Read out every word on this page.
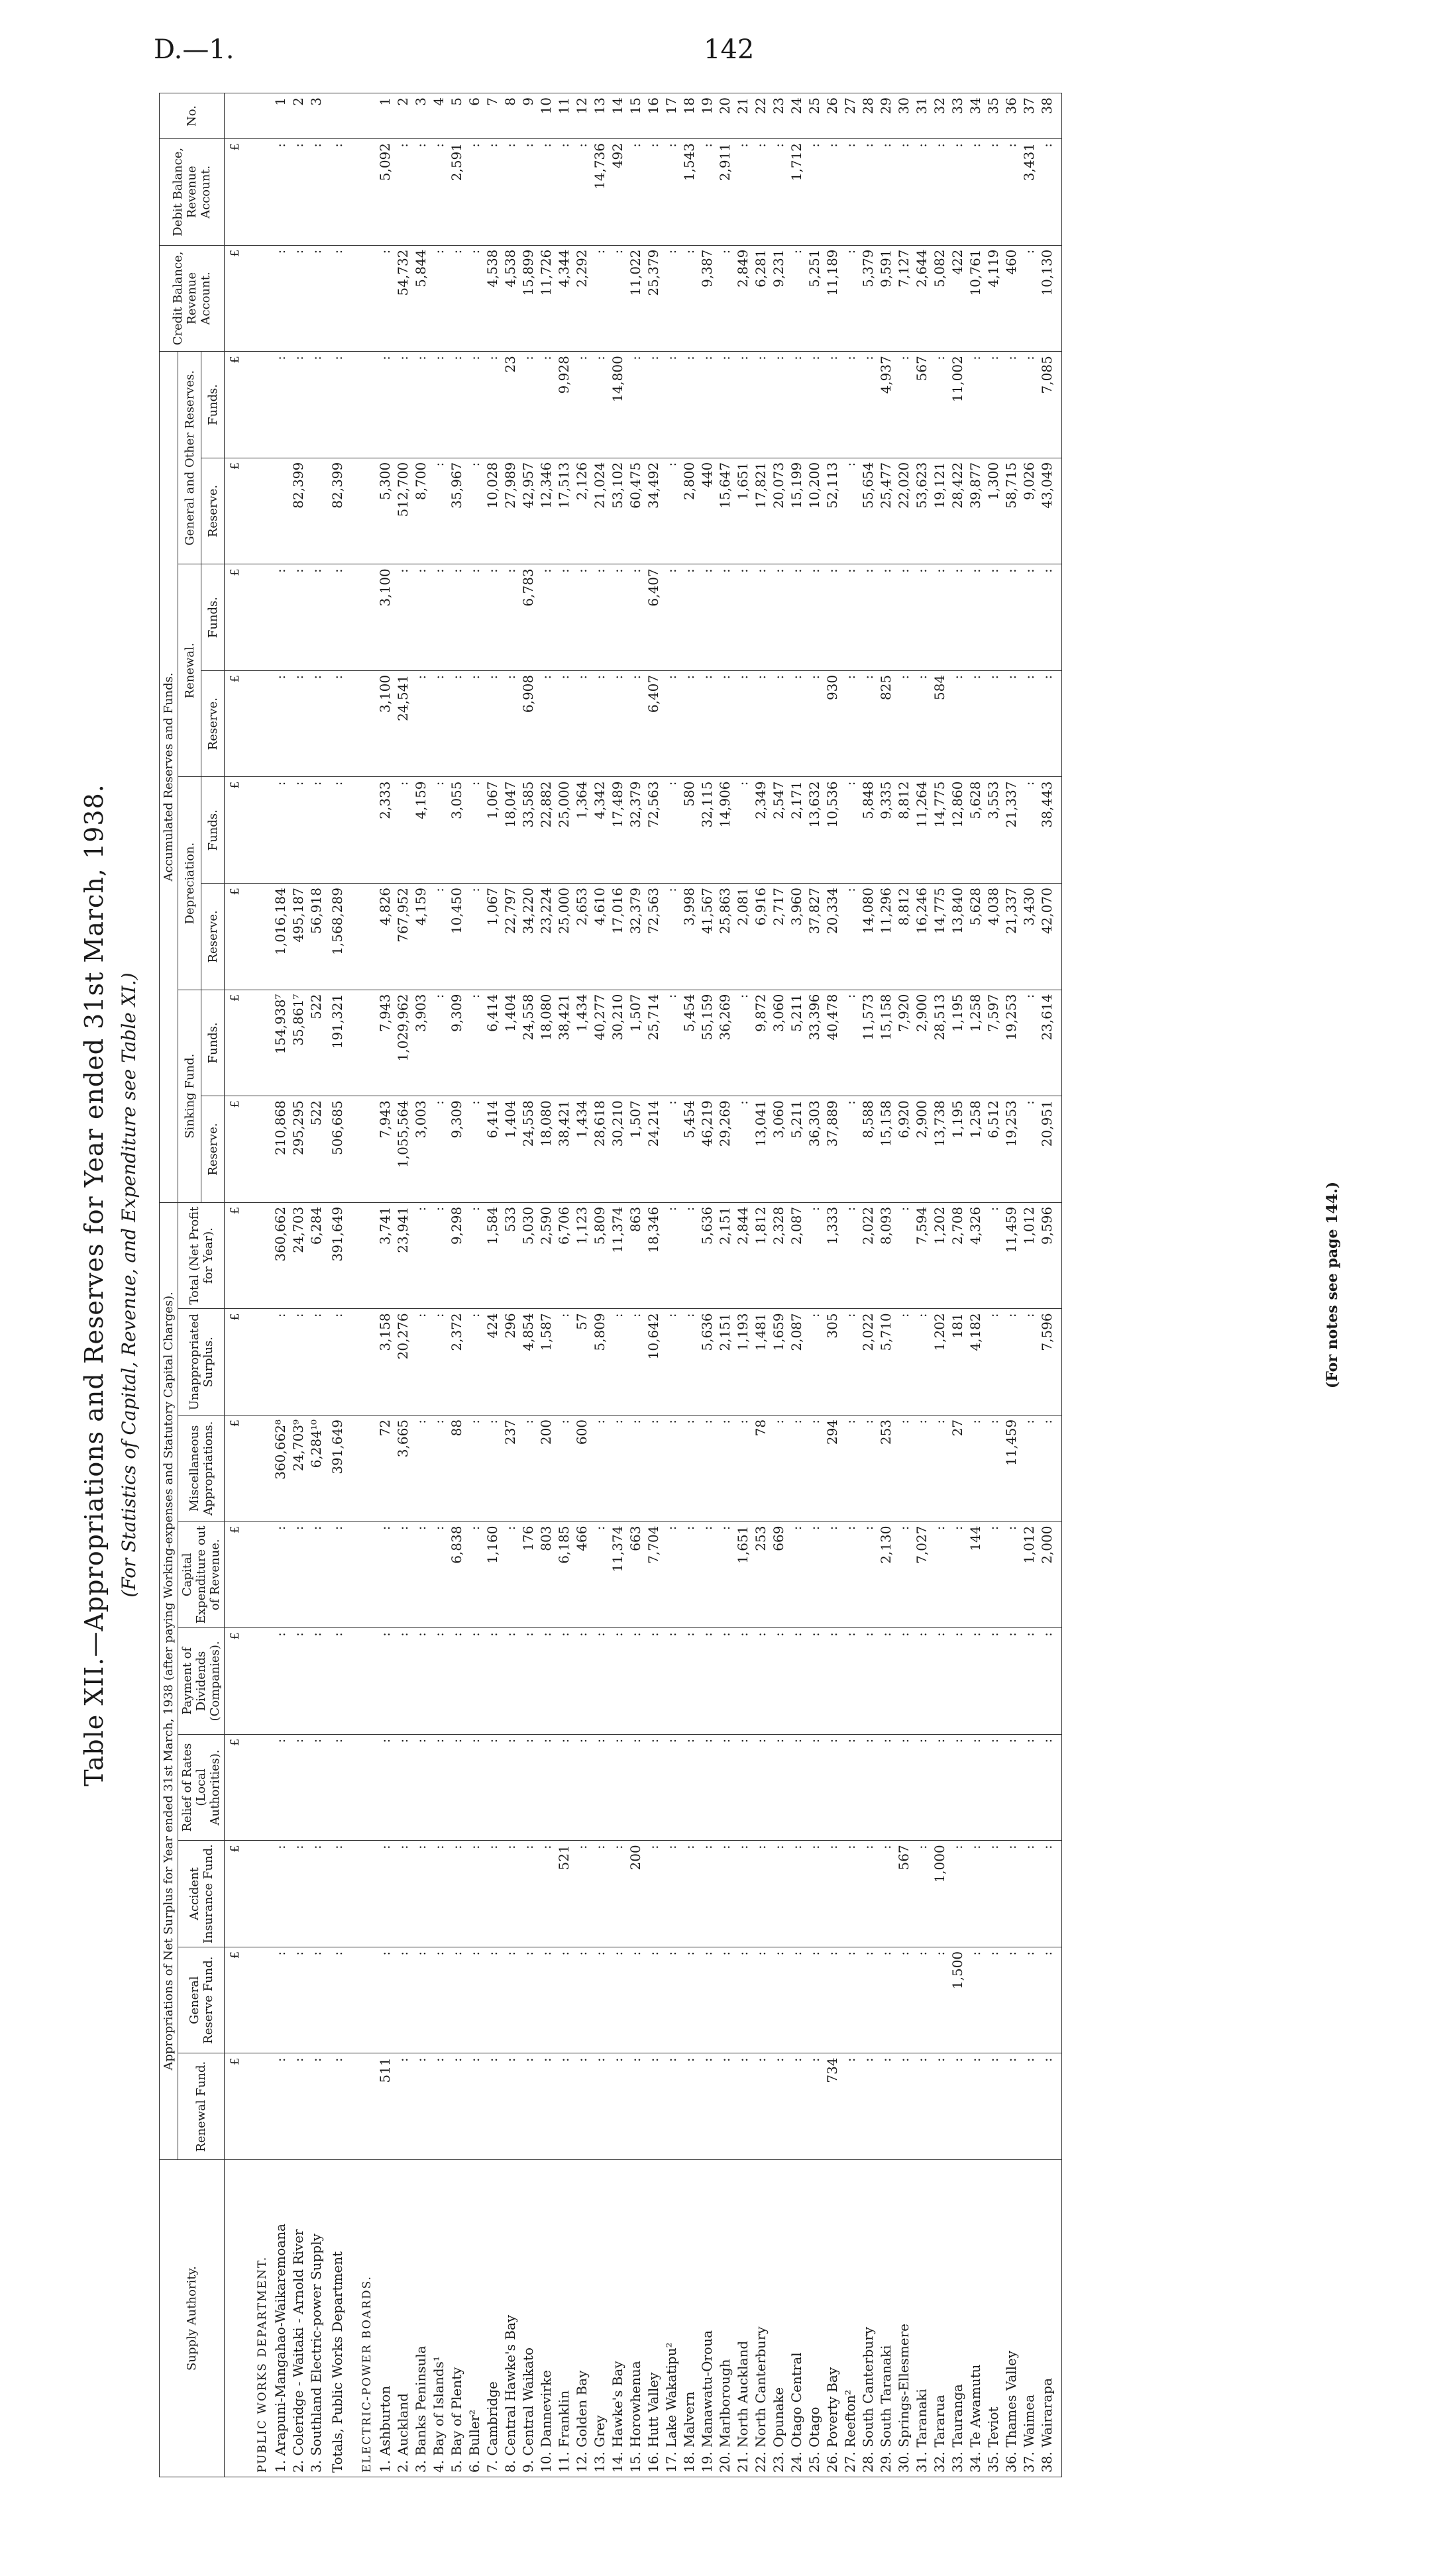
D.—1.	142
Table XII.—Appropriations and Reserves for Year ended 31st March, 1938. (For Statistics of Capital, Revenue, and Expenditure see Table XI.)
Supply Authority.	Appropriations of Net Surplus for Year ended 31st March, 1938 (after paying Working-expenses and Statutory Capital Charges).									Accumulated Reserves and Funds.								Credit Balance, Revenue Account.	Debit Balance, Revenue Account.	No.
	Renewal Fund.	General Reserve Fund.	Accident Insurance Fund.	Relief of Rates (Local Authorities).	Payment of Dividends (Companies).	Capital Expenditure out of Revenue.	Miscellaneous Appropriations.	Unappropriated Surplus.	Total (Net Profit for Year).	Sinking Fund.		Depreciation.		Renewal.		General and Other Reserves.				
										Reserve.	Funds.	Reserve.	Funds.	Reserve.	Funds.	Reserve.	Funds.			
	£	£	£	£	£	£	£	£	£	£	£	£	£	£	£	£	£	£	£	
PUBLIC WORKS DEPARTMENT.																				
1. Arapuni-Mangahao-Waikaremoana	:	:	:	:	:	:	360,662⁸	:	360,662	210,868	154,938⁷	1,016,184	:	:	:		:	:	:	1
2. Coleridge - Waitaki - Arnold River	:	:	:	:	:	:	24,703⁹	:	24,703	295,295	35,861⁷	495,187	:	:	:	82,399	:	:	:	2
3. Southland Electric-power Supply	:	:	:	:	:	:	6,284¹⁰	:	6,284	522	522	56,918	:	:	:		:	:	:	3
Totals, Public Works Department	:	:	:	:	:	:	391,649	:	391,649	506,685	191,321	1,568,289	:	:	:	82,399	:	:	:	
ELECTRIC-POWER BOARDS.																				
1. Ashburton	511	:	:	:	:	:	72	3,158	3,741	7,943	7,943	4,826	2,333	3,100	3,100	5,300	:	:	5,092	1
2. Auckland	:	:	:	:	:	:	3,665	20,276	23,941	1,055,564	1,029,962	767,952	:	24,541	:	512,700	:	54,732	:	2
3. Banks Peninsula	:	:	:	:	:	:	:	:	:	3,003	3,903	4,159	4,159	:	:	8,700	:	5,844	:	3
4. Bay of Islands¹	:	:	:	:	:	:	:	:	:	:	:	:	:	:	:	:	:	:	:	4
5. Bay of Plenty	:	:	:	:	:	6,838	88	2,372	9,298	9,309	9,309	10,450	3,055	:	:	35,967	:	:	2,591	5
6. Buller²	:	:	:	:	:	:	:	:	:	:	:	:	:	:	:	:	:	:	:	6
7. Cambridge	:	:	:	:	:	1,160	:	424	1,584	6,414	6,414	1,067	1,067	:	:	10,028	:	4,538	:	7
8. Central Hawke's Bay	:	:	:	:	:	:	237	296	533	1,404	1,404	22,797	18,047	:	:	27,989	23	4,538	:	8
9. Central Waikato	:	:	:	:	:	176	:	4,854	5,030	24,558	24,558	34,220	33,585	6,908	6,783	42,957	:	15,899	:	9
10. Dannevirke	:	:	:	:	:	803	200	1,587	2,590	18,080	18,080	23,224	22,882	:	:	12,346	:	11,726	:	10
11. Franklin	:	:	521	:	:	6,185	:	:	6,706	38,421	38,421	25,000	25,000	:	:	17,513	9,928	4,344	:	11
12. Golden Bay	:	:	:	:	:	466	600	57	1,123	1,434	1,434	2,653	1,364	:	:	2,126	:	2,292	:	12
13. Grey	:	:	:	:	:	:	:	5,809	5,809	28,618	40,277	4,610	4,342	:	:	21,024	:	:	14,736	13
14. Hawke's Bay	:	:	:	:	:	11,374	:	:	11,374	30,210	30,210	17,016	17,489	:	:	53,102	14,800	:	492	14
15. Horowhenua	:	:	200	:	:	663	:	:	863	1,507	1,507	32,379	32,379	:	:	60,475	:	11,022	:	15
16. Hutt Valley	:	:	:	:	:	7,704	:	10,642	18,346	24,214	25,714	72,563	72,563	6,407	6,407	34,492	:	25,379	:	16
17. Lake Wakatipu²	:	:	:	:	:	:	:	:	:	:	:	:	:	:	:	:	:	:	:	17
18. Malvern	:	:	:	:	:	:	:	:	:	5,454	5,454	3,998	580	:	:	2,800	:	:	1,543	18
19. Manawatu-Oroua	:	:	:	:	:	:	:	5,636	5,636	46,219	55,159	41,567	32,115	:	:	440	:	9,387	:	19
20. Marlborough	:	:	:	:	:	:	:	2,151	2,151	29,269	36,269	25,863	14,906	:	:	15,647	:	:	2,911	20
21. North Auckland	:	:	:	:	:	1,651	:	1,193	2,844	:	:	2,081	:	:	:	1,651	:	2,849	:	21
22. North Canterbury	:	:	:	:	:	253	78	1,481	1,812	13,041	9,872	6,916	2,349	:	:	17,821	:	6,281	:	22
23. Opunake	:	:	:	:	:	669	:	1,659	2,328	3,060	3,060	2,717	2,547	:	:	20,073	:	9,231	:	23
24. Otago Central	:	:	:	:	:	:	:	2,087	2,087	5,211	5,211	3,960	2,171	:	:	15,199	:	:	1,712	24
25. Otago	:	:	:	:	:	:	:	:	:	36,303	33,396	37,827	13,632	:	:	10,200	:	5,251	:	25
26. Poverty Bay	734	:	:	:	:	:	294	305	1,333	37,889	40,478	20,334	10,536	930	:	52,113	:	11,189	:	26
27. Reefton²	:	:	:	:	:	:	:	:	:	:	:	:	:	:	:	:	:	:	:	27
28. South Canterbury	:	:	:	:	:	:	:	2,022	2,022	8,588	11,573	14,080	5,848	:	:	55,654	:	5,379	:	28
29. South Taranaki	:	:	:	:	:	2,130	253	5,710	8,093	15,158	15,158	11,296	9,335	825	:	25,477	4,937	9,591	:	29
30. Springs-Ellesmere	:	:	567	:	:	:	:	:	:	6,920	7,920	8,812	8,812	:	:	22,020	:	7,127	:	30
31. Taranaki	:	:	:	:	:	7,027	:	:	7,594	2,900	2,900	16,246	11,264	:	:	53,623	567	2,644	:	31
32. Tararua	:	:	1,000	:	:	:	:	1,202	1,202	13,738	28,513	14,775	14,775	584	:	19,121	:	5,082	:	32
33. Tauranga	:	1,500	:	:	:	:	27	181	2,708	1,195	1,195	13,840	12,860	:	:	28,422	11,002	422	:	33
34. Te Awamutu	:	:	:	:	:	144	:	4,182	4,326	1,258	1,258	5,628	5,628	:	:	39,877	:	10,761	:	34
35. Teviot	:	:	:	:	:	:	:	:	:	6,512	7,597	4,038	3,553	:	:	1,300	:	4,119	:	35
36. Thames Valley	:	:	:	:	:	:	11,459	:	11,459	19,253	19,253	21,337	21,337	:	:	58,715	:	460	:	36
37. Waimea	:	:	:	:	:	1,012	:	:	1,012	:	:	3,430	:	:	:	9,026	:	:	3,431	37
38. Wairarapa	:	:	:	:	:	2,000	:	7,596	9,596	20,951	23,614	42,070	38,443	:	:	43,049	7,085	10,130	:	38

(For notes see page 144.)
